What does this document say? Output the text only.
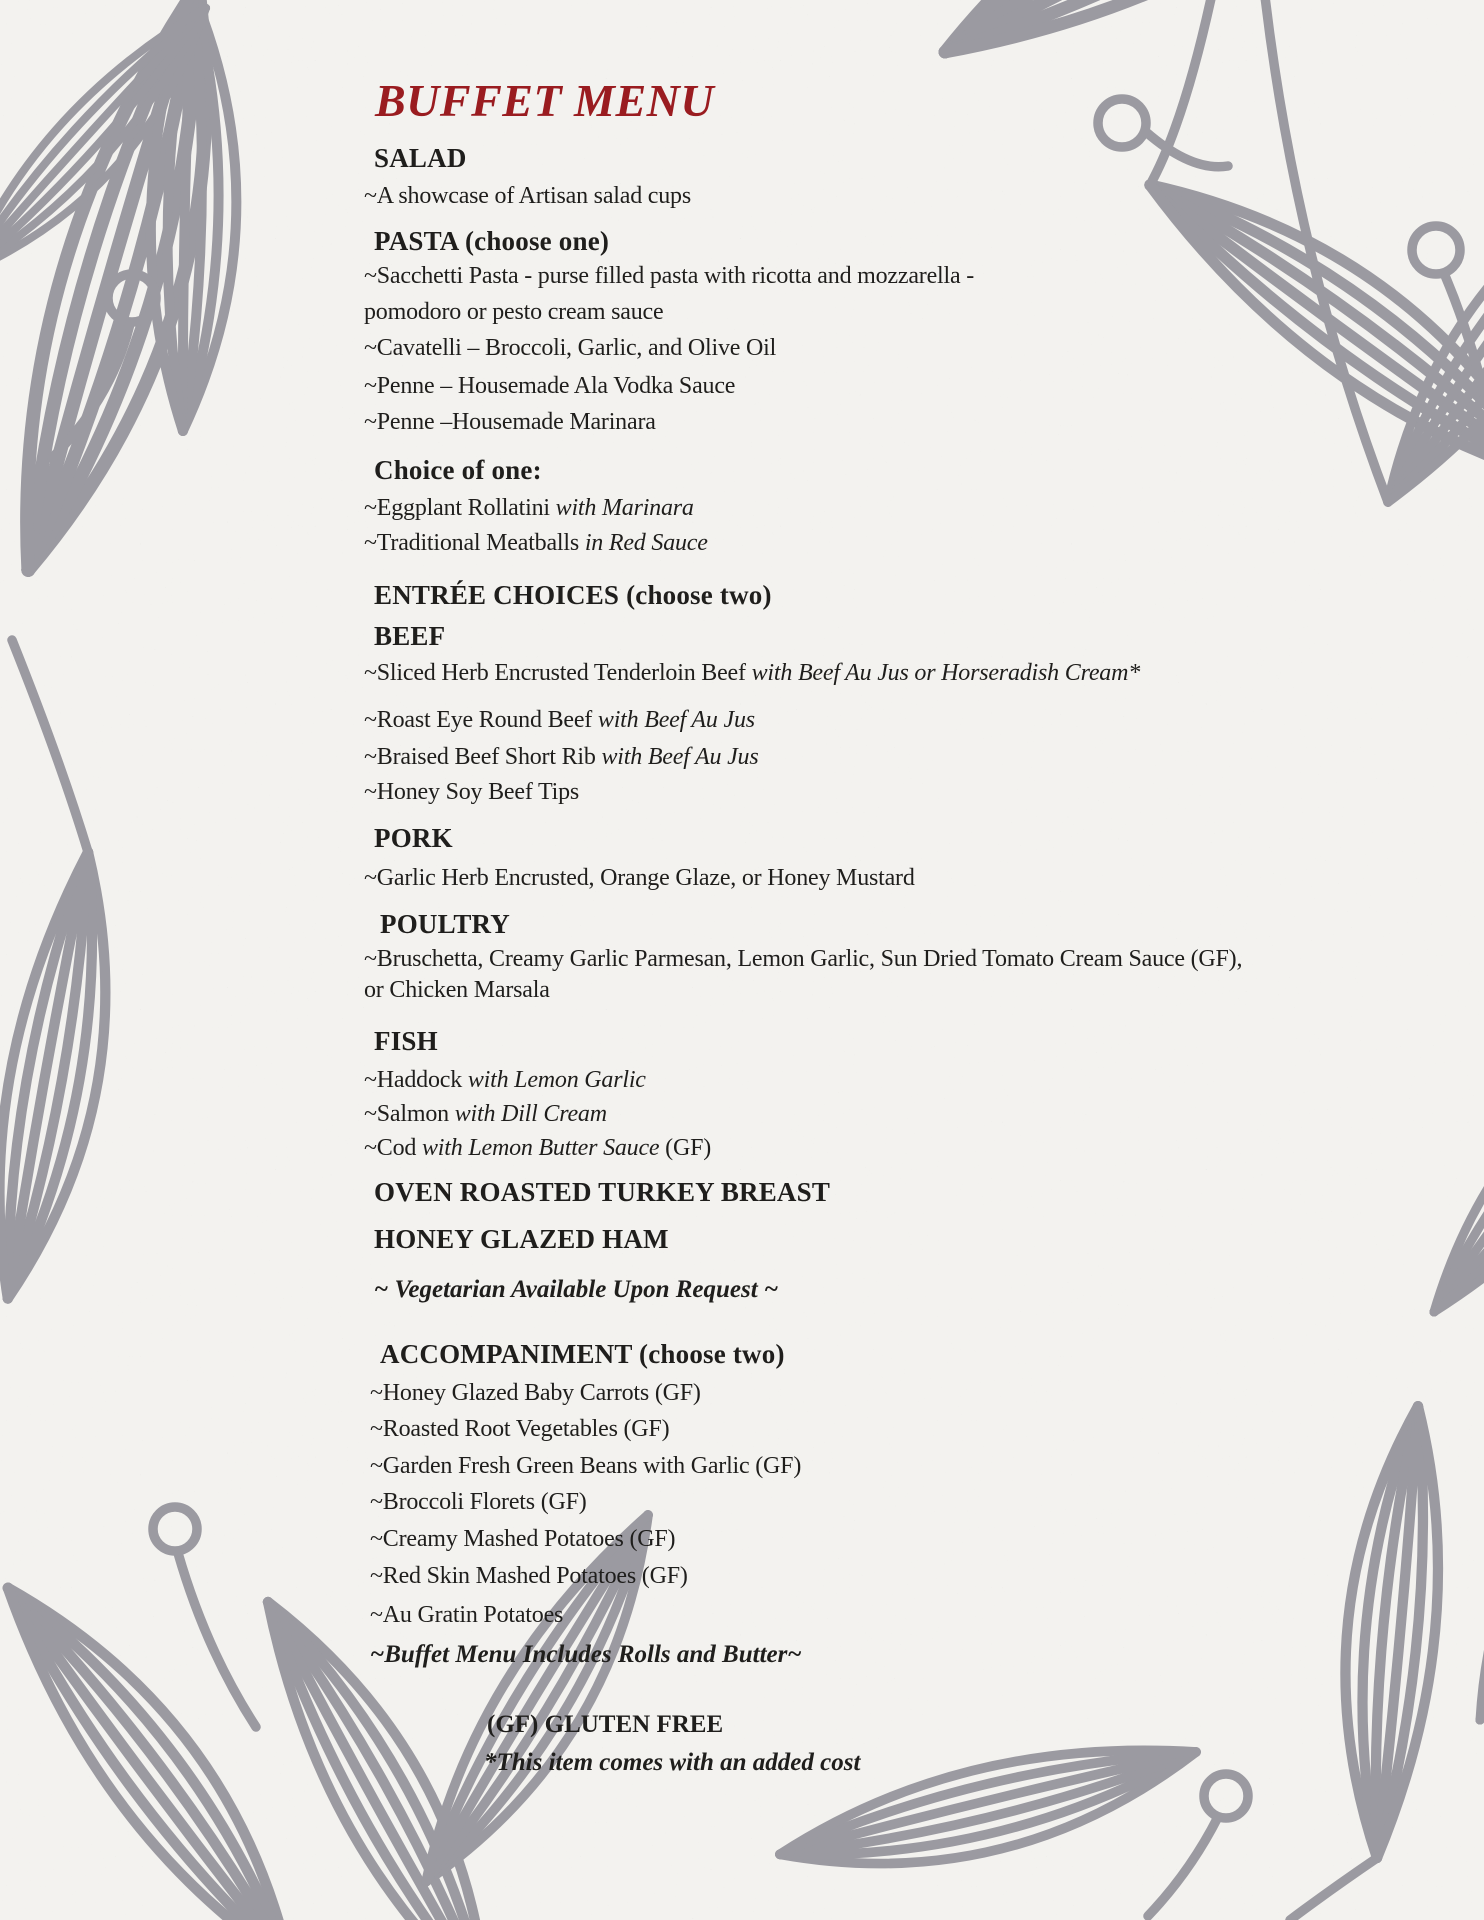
BUFFET MENU
SALAD

~A showcase of Artisan salad cups

PASTA (choose one)

~Sacchetti Pasta - purse filled pasta with ricotta and mozzarella -
pomodoro or pesto cream sauce

~Cavatelli – Broccoli, Garlic, and Olive Oil

~Penne – Housemade Ala Vodka Sauce

~Penne –Housemade Marinara

Choice of one:

~Eggplant Rollatini with Marinara

~Traditional Meatballs in Red Sauce

ENTRÉE CHOICES (choose two)
BEEF

~Sliced Herb Encrusted Tenderloin Beef with Beef Au Jus or Horseradish Cream*

~Roast Eye Round Beef with Beef Au Jus

~Braised Beef Short Rib with Beef Au Jus

~Honey Soy Beef Tips

PORK

~Garlic Herb Encrusted, Orange Glaze, or Honey Mustard

POULTRY

~Bruschetta, Creamy Garlic Parmesan, Lemon Garlic, Sun Dried Tomato Cream Sauce (GF),
or Chicken Marsala

FISH

~Haddock with Lemon Garlic

~Salmon with Dill Cream

~Cod with Lemon Butter Sauce (GF)

OVEN ROASTED TURKEY BREAST
HONEY GLAZED HAM
~ Vegetarian Available Upon Request ~
ACCOMPANIMENT (choose two)

~Honey Glazed Baby Carrots (GF)

~Roasted Root Vegetables (GF)

~Garden Fresh Green Beans with Garlic (GF)

~Broccoli Florets (GF)

~Creamy Mashed Potatoes (GF)

~Red Skin Mashed Potatoes (GF)

~Au Gratin Potatoes

~Buffet Menu Includes Rolls and Butter~
(GF) GLUTEN FREE
*This item comes with an added cost
